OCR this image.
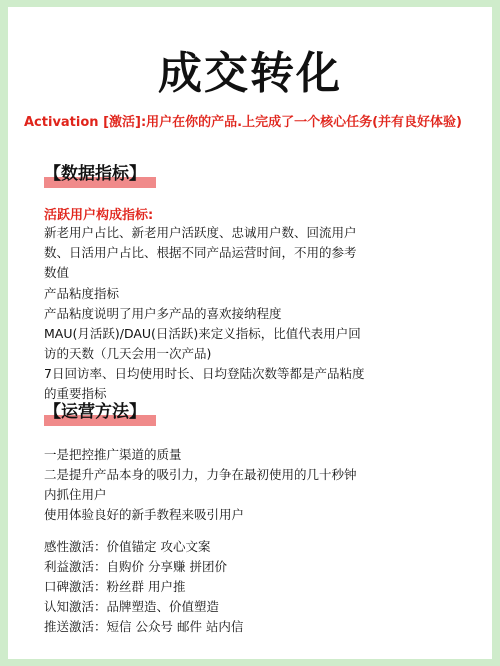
成交转化
Activation [激活]:用户在你的产品.上完成了一个核心任务(并有良好体验)
【数据指标】
活跃用户构成指标:
新老用户占比、新老用户活跃度、忠诚用户数、回流用户
数、日活用户占比、根据不同产品运营时间，不用的参考
数值
产品粘度指标
产品粘度说明了用户多产品的喜欢接纳程度
MAU(月活跃)/DAU(日活跃)来定义指标，比值代表用户回
访的天数（几天会用一次产品)
7日回访率、日均使用时长、日均登陆次数等都是产品粘度
的重要指标
【运营方法】
一是把控推广渠道的质量
二是提升产品本身的吸引力，力争在最初使用的几十秒钟
内抓住用户
使用体验良好的新手教程来吸引用户
感性激活：价值锚定 攻心文案
利益激活：自购价 分享赚 拼团价
口碑激活：粉丝群 用户推
认知激活：品牌塑造、价值塑造
推送激活：短信 公众号 邮件 站内信
